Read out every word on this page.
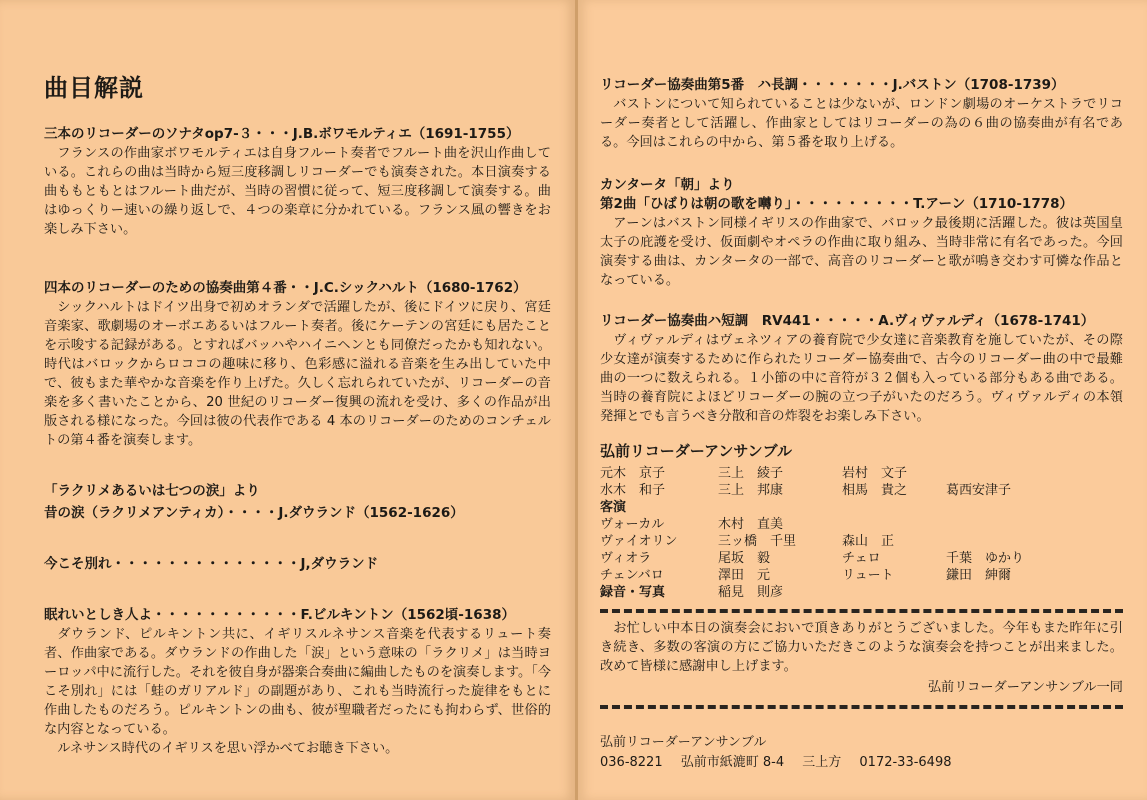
曲目解説
三本のリコーダーのソナタop7-３・・・J.B.ボワモルティエ（1691-1755）

フランスの作曲家ボワモルティエは自身フルート奏者でフルート曲を沢山作曲している。これらの曲は当時から短三度移調しリコーダーでも演奏された。本日演奏する曲ももともとはフルート曲だが、当時の習慣に従って、短三度移調して演奏する。曲はゆっくりー速いの繰り返しで、４つの楽章に分かれている。フランス風の響きをお楽しみ下さい。

四本のリコーダーのための協奏曲第４番・・J.C.シックハルト（1680-1762）

シックハルトはドイツ出身で初めオランダで活躍したが、後にドイツに戻り、宮廷音楽家、歌劇場のオーボエあるいはフルート奏者。後にケーテンの宮廷にも居たことを示唆する記録がある。とすればバッハやハイニヘンとも同僚だったかも知れない。時代はバロックからロココの趣味に移り、色彩感に溢れる音楽を生み出していた中で、彼もまた華やかな音楽を作り上げた。久しく忘れられていたが、リコーダーの音楽を多く書いたことから、20 世紀のリコーダー復興の流れを受け、多くの作品が出版される様になった。今回は彼の代表作である 4 本のリコーダーのためのコンチェルトの第４番を演奏します。

「ラクリメあるいは七つの涙」より
昔の涙（ラクリメアンティカ）・・・・J.ダウランド（1562-1626）
今こそ別れ・・・・・・・・・・・・・・J,ダウランド
眠れいとしき人よ・・・・・・・・・・・F.ビルキントン（1562頃-1638）

ダウランド、ピルキントン共に、イギリスルネサンス音楽を代表するリュート奏者、作曲家である。ダウランドの作曲した「涙」という意味の「ラクリメ」は当時ヨーロッパ中に流行した。それを彼自身が器楽合奏曲に編曲したものを演奏します。「今こそ別れ」には「蛙のガリアルド」の副題があり、これも当時流行った旋律をもとに作曲したものだろう。ピルキントンの曲も、彼が聖職者だったにも拘わらず、世俗的な内容となっている。

ルネサンス時代のイギリスを思い浮かべてお聴き下さい。

リコーダー協奏曲第5番　ハ長調・・・・・・・J.バストン（1708-1739）

バストンについて知られていることは少ないが、ロンドン劇場のオーケストラでリコーダー奏者として活躍し、作曲家としてはリコーダーの為の６曲の協奏曲が有名である。今回はこれらの中から、第５番を取り上げる。

カンタータ「朝」より
第2曲「ひばりは朝の歌を囀り」・・・・・・・・・T.アーン（1710-1778）

アーンはバストン同様イギリスの作曲家で、バロック最後期に活躍した。彼は英国皇太子の庇護を受け、仮面劇やオペラの作曲に取り組み、当時非常に有名であった。今回演奏する曲は、カンタータの一部で、高音のリコーダーと歌が鳴き交わす可憐な作品となっている。

リコーダー協奏曲ハ短調　RV441・・・・・A.ヴィヴァルディ（1678-1741）

ヴィヴァルディはヴェネツィアの養育院で少女達に音楽教育を施していたが、その際少女達が演奏するために作られたリコーダー協奏曲で、古今のリコーダー曲の中で最難曲の一つに数えられる。１小節の中に音符が３２個も入っている部分もある曲である。当時の養育院によほどリコーダーの腕の立つ子がいたのだろう。ヴィヴァルディの本領発揮とでも言うべき分散和音の炸裂をお楽しみ下さい。

弘前リコーダーアンサンブル
元木　京子	三上　綾子	岩村　文子
水木　和子	三上　邦康	相馬　貴之	葛西安津子
客演
ヴォーカル	木村　直美
ヴァイオリン	三ッ橋　千里	森山　正
ヴィオラ	尾坂　毅	チェロ	千葉　ゆかり
チェンバロ	澤田　元	リュート	鎌田　紳爾
録音・写真	稲見　則彦

お忙しい中本日の演奏会においで頂きありがとうございました。今年もまた昨年に引き続き、多数の客演の方にご協力いただきこのような演奏会を持つことが出来ました。改めて皆様に感謝申し上げます。

弘前リコーダーアンサンブル一同
弘前リコーダーアンサンブル
036-8221 弘前市紙漉町 8-4 三上方 0172-33-6498
